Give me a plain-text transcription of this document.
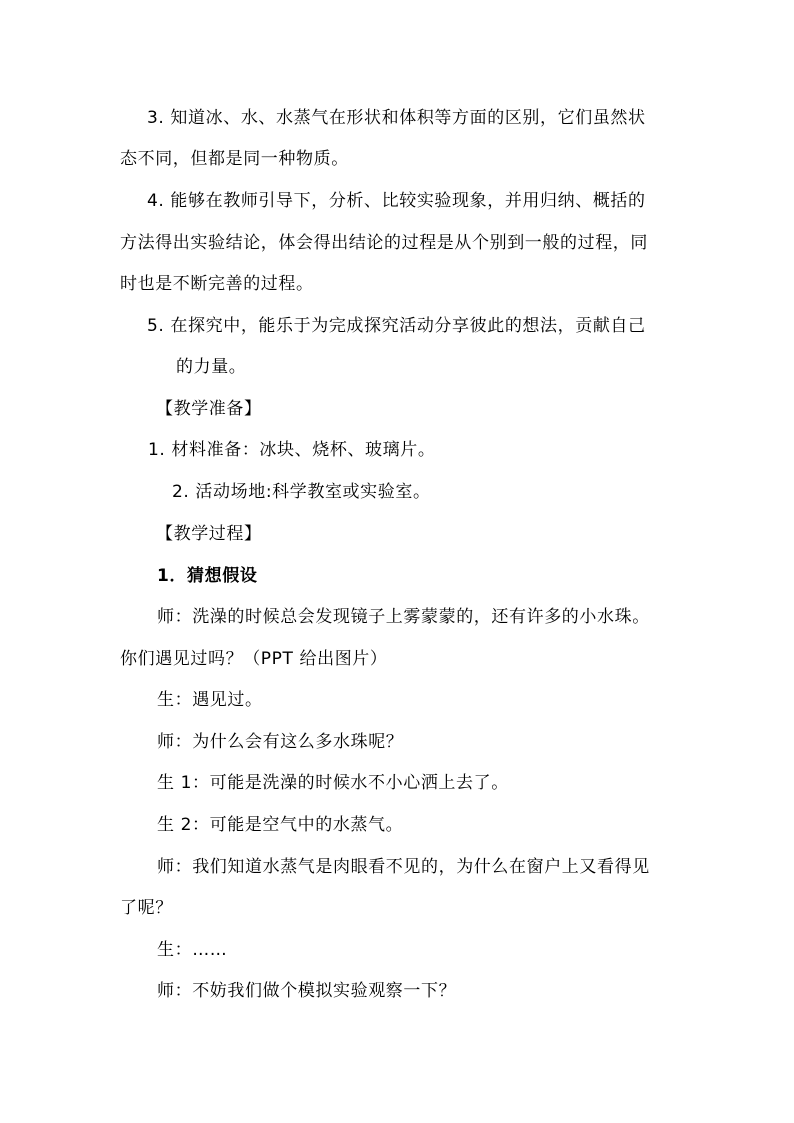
3. 知道冰、水、水蒸气在形状和体积等方面的区别，它们虽然状
态不同，但都是同一种物质。
4. 能够在教师引导下，分析、比较实验现象，并用归纳、概括的
方法得出实验结论，体会得出结论的过程是从个别到一般的过程，同
时也是不断完善的过程。
5. 在探究中，能乐于为完成探究活动分享彼此的想法，贡献自己
的力量。
【教学准备】
1. 材料准备：冰块、烧杯、玻璃片。
2. 活动场地:科学教室或实验室。
【教学过程】
1．猜想假设
师：洗澡的时候总会发现镜子上雾蒙蒙的，还有许多的小水珠。
你们遇见过吗？（PPT 给出图片）
生：遇见过。
师：为什么会有这么多水珠呢？
生 1：可能是洗澡的时候水不小心洒上去了。
生 2：可能是空气中的水蒸气。
师：我们知道水蒸气是肉眼看不见的，为什么在窗户上又看得见
了呢？
生：……
师：不妨我们做个模拟实验观察一下？
